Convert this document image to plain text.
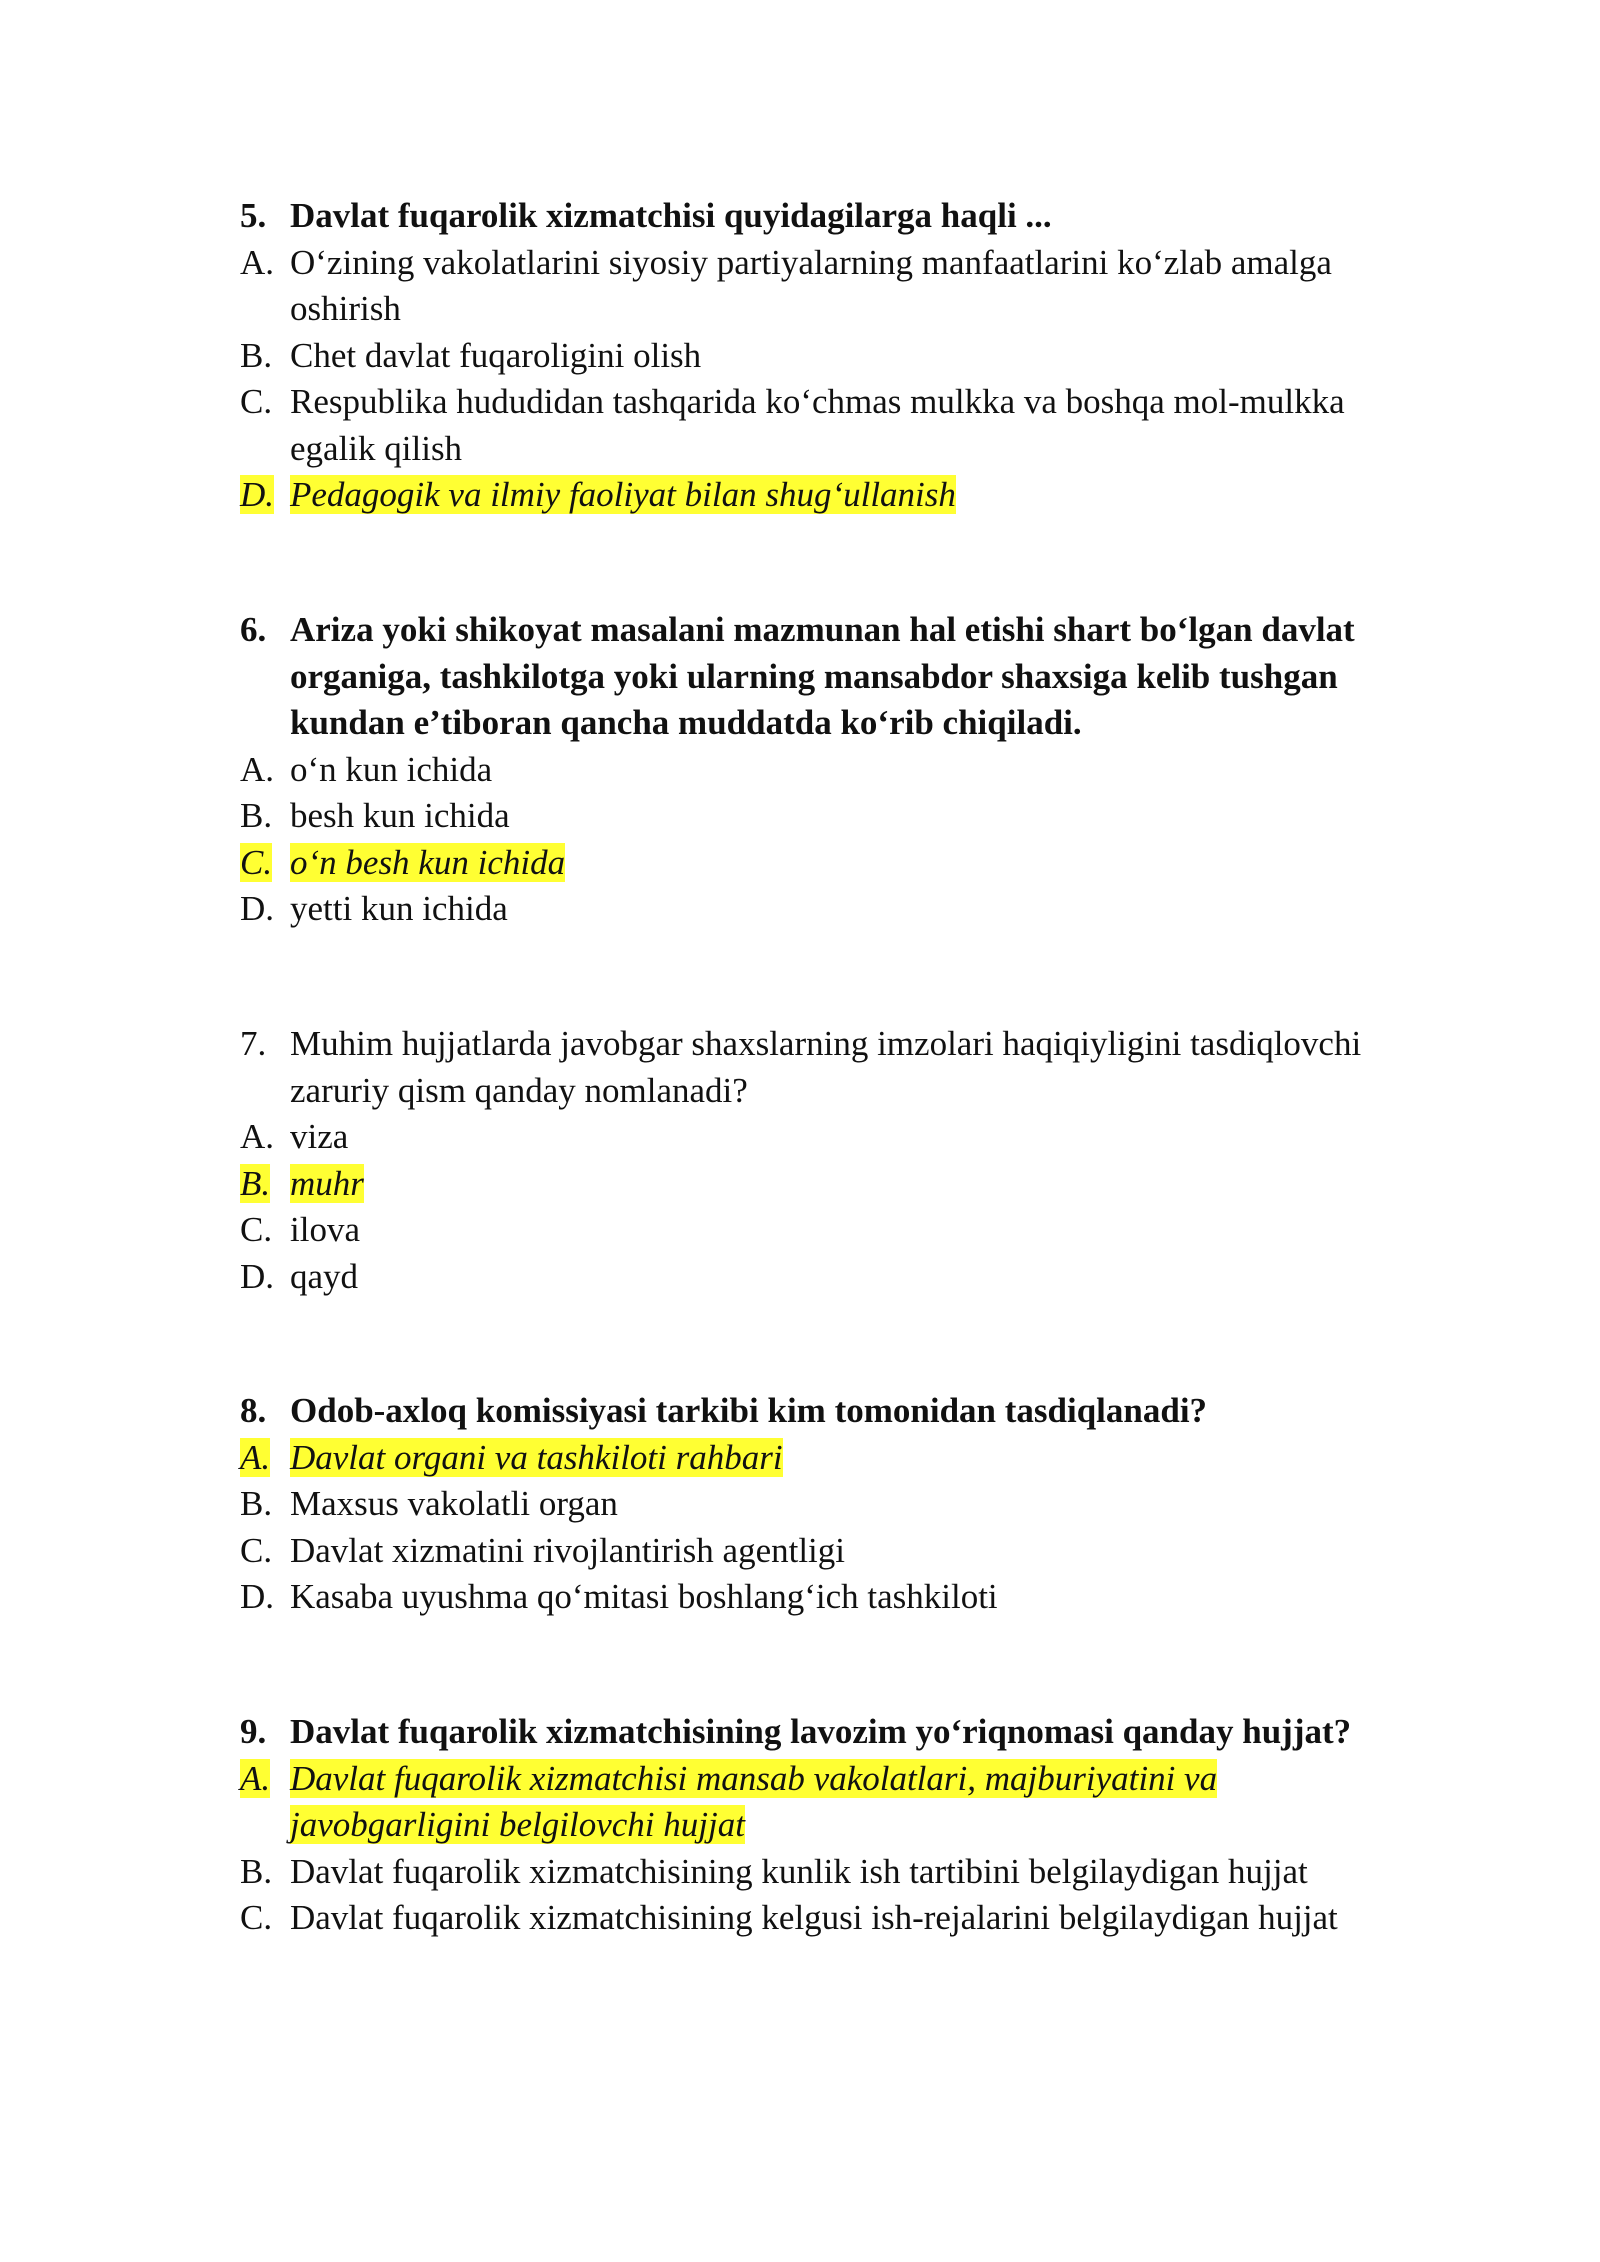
5. Davlat fuqarolik xizmatchisi quyidagilarga haqli ...
A. O‘zining vakolatlarini siyosiy partiyalarning manfaatlarini ko‘zlab amalga oshirish
B. Chet davlat fuqaroligini olish
C. Respublika hududidan tashqarida ko‘chmas mulkka va boshqa mol-mulkka egalik qilish
D. Pedagogik va ilmiy faoliyat bilan shug‘ullanish
6. Ariza yoki shikoyat masalani mazmunan hal etishi shart bo‘lgan davlat organiga, tashkilotga yoki ularning mansabdor shaxsiga kelib tushgan kundan e’tiboran qancha muddatda ko‘rib chiqiladi.
A. o‘n kun ichida
B. besh kun ichida
C. o‘n besh kun ichida
D. yetti kun ichida
7. Muhim hujjatlarda javobgar shaxslarning imzolari haqiqiyligini tasdiqlovchi zaruriy qism qanday nomlanadi?
A. viza
B. muhr
C. ilova
D. qayd
8. Odob-axloq komissiyasi tarkibi kim tomonidan tasdiqlanadi?
A. Davlat organi va tashkiloti rahbari
B. Maxsus vakolatli organ
C. Davlat xizmatini rivojlantirish agentligi
D. Kasaba uyushma qo‘mitasi boshlang‘ich tashkiloti
9. Davlat fuqarolik xizmatchisining lavozim yo‘riqnomasi qanday hujjat?
A. Davlat fuqarolik xizmatchisi mansab vakolatlari, majburiyatini va javobgarligini belgilovchi hujjat
B. Davlat fuqarolik xizmatchisining kunlik ish tartibini belgilaydigan hujjat
C. Davlat fuqarolik xizmatchisining kelgusi ish-rejalarini belgilaydigan hujjat
